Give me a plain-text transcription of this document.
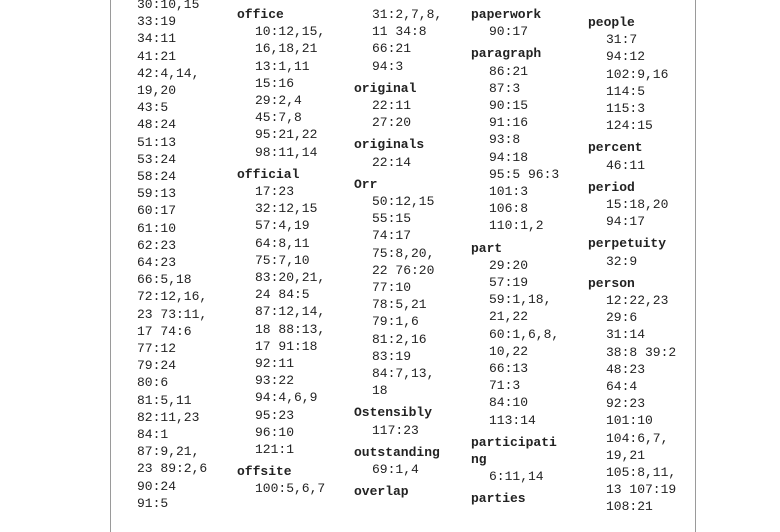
30:10,15
33:19
34:11
41:21
42:4,14,
19,20
43:5
48:24
51:13
53:24
58:24
59:13
60:17
61:10
62:23
64:23
66:5,18
72:12,16,
23 73:11,
17 74:6
77:12
79:24
80:6
81:5,11
82:11,23
84:1
87:9,21,
23 89:2,6
90:24
91:5
office
10:12,15,
16,18,21
13:1,11
15:16
29:2,4
45:7,8
95:21,22
98:11,14
official
17:23
32:12,15
57:4,19
64:8,11
75:7,10
83:20,21,
24 84:5
87:12,14,
18 88:13,
17 91:18
92:11
93:22
94:4,6,9
95:23
96:10
121:1
offsite
100:5,6,7
31:2,7,8,
11 34:8
66:21
94:3
original
22:11
27:20
originals
22:14
Orr
50:12,15
55:15
74:17
75:8,20,
22 76:20
77:10
78:5,21
79:1,6
81:2,16
83:19
84:7,13,
18
Ostensibly
117:23
outstanding
69:1,4
overlap
paperwork
90:17
paragraph
86:21
87:3
90:15
91:16
93:8
94:18
95:5 96:3
101:3
106:8
110:1,2
part
29:20
57:19
59:1,18,
21,22
60:1,6,8,
10,22
66:13
71:3
84:10
113:14
participati
ng
6:11,14
parties
people
31:7
94:12
102:9,16
114:5
115:3
124:15
percent
46:11
period
15:18,20
94:17
perpetuity
32:9
person
12:22,23
29:6
31:14
38:8 39:2
48:23
64:4
92:23
101:10
104:6,7,
19,21
105:8,11,
13 107:19
108:21
